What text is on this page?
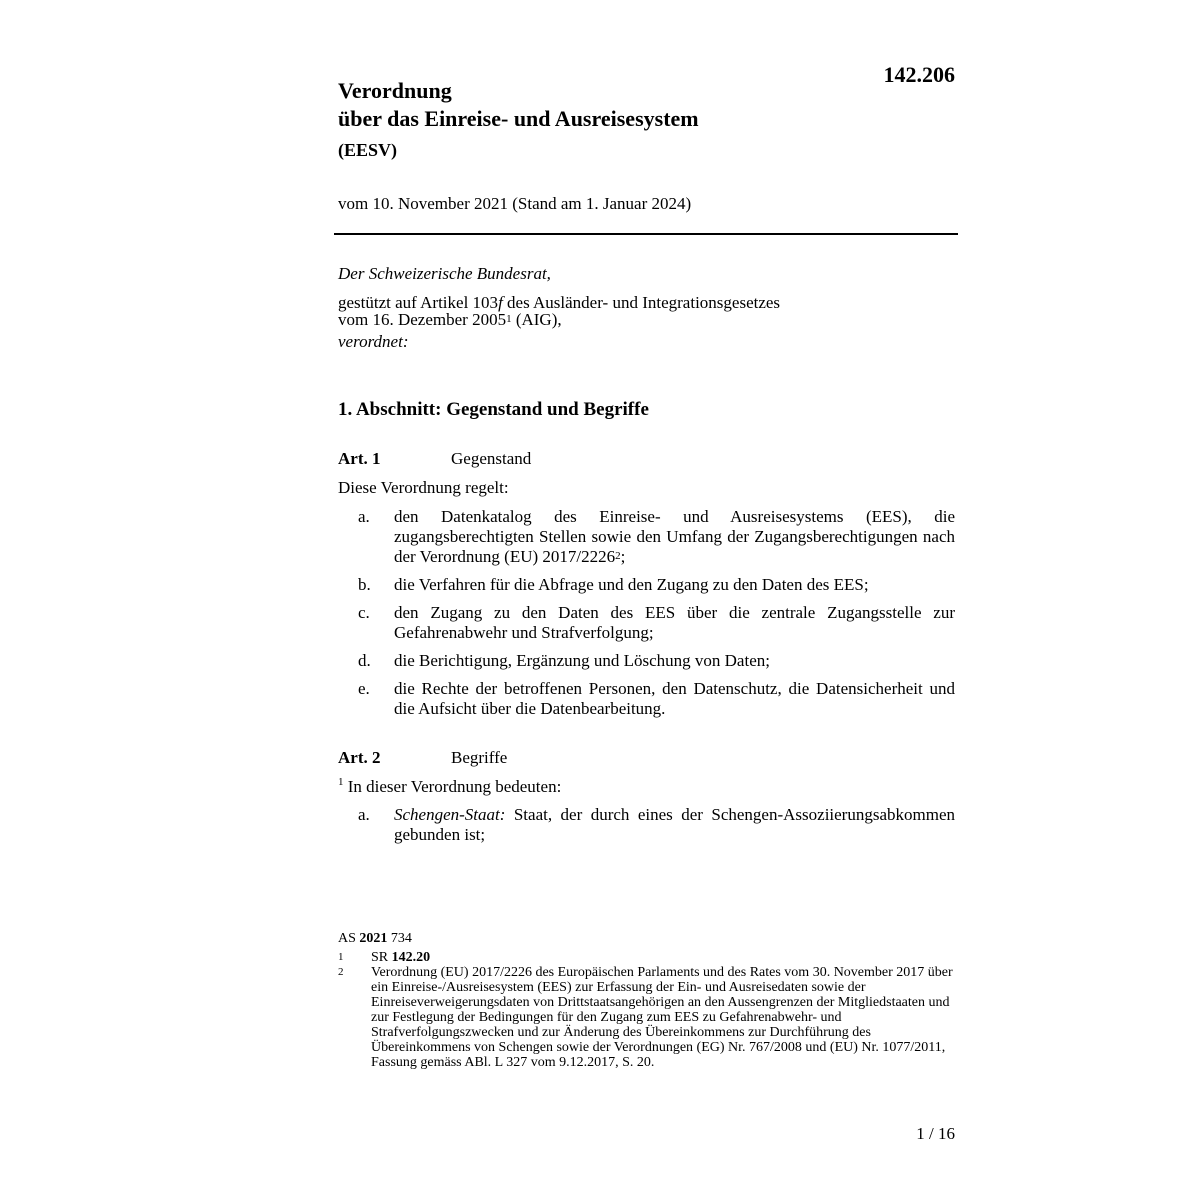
Verordnung
über das Einreise- und Ausreisesystem
(EESV)
142.206
vom 10. November 2021 (Stand am 1. Januar 2024)
Der Schweizerische Bundesrat,
gestützt auf Artikel 103f des Ausländer- und Integrationsgesetzes
vom 16. Dezember 2005$^1$ (AIG),
verordnet:
1. Abschnitt: Gegenstand und Begriffe
Art. 1	Gegenstand
Diese Verordnung regelt:
a.	den Datenkatalog des Einreise- und Ausreisesystems (EES), die zugangsberechtigten Stellen sowie den Umfang der Zugangsberechtigungen nach der Verordnung (EU) 2017/2226$^2$;
b.	die Verfahren für die Abfrage und den Zugang zu den Daten des EES;
c.	den Zugang zu den Daten des EES über die zentrale Zugangsstelle zur Gefahrenabwehr und Strafverfolgung;
d.	die Berichtigung, Ergänzung und Löschung von Daten;
e.	die Rechte der betroffenen Personen, den Datenschutz, die Datensicherheit und die Aufsicht über die Datenbearbeitung.
Art. 2	Begriffe
$^1$ In dieser Verordnung bedeuten:
a.	Schengen-Staat: Staat, der durch eines der Schengen-Assoziierungsabkommen gebunden ist;
AS 2021 734
1	SR 142.20
2	Verordnung (EU) 2017/2226 des Europäischen Parlaments und des Rates vom 30. November 2017 über ein Einreise-/Ausreisesystem (EES) zur Erfassung der Ein- und Ausreisedaten sowie der Einreiseverweigerungsdaten von Drittstaatsangehörigen an den Aussengrenzen der Mitgliedstaaten und zur Festlegung der Bedingungen für den Zugang zum EES zu Gefahrenabwehr- und Strafverfolgungszwecken und zur Änderung des Übereinkommens zur Durchführung des Übereinkommens von Schengen sowie der Verordnungen (EG) Nr. 767/2008 und (EU) Nr. 1077/2011, Fassung gemäss ABl. L 327 vom 9.12.2017, S. 20.
1 / 16
